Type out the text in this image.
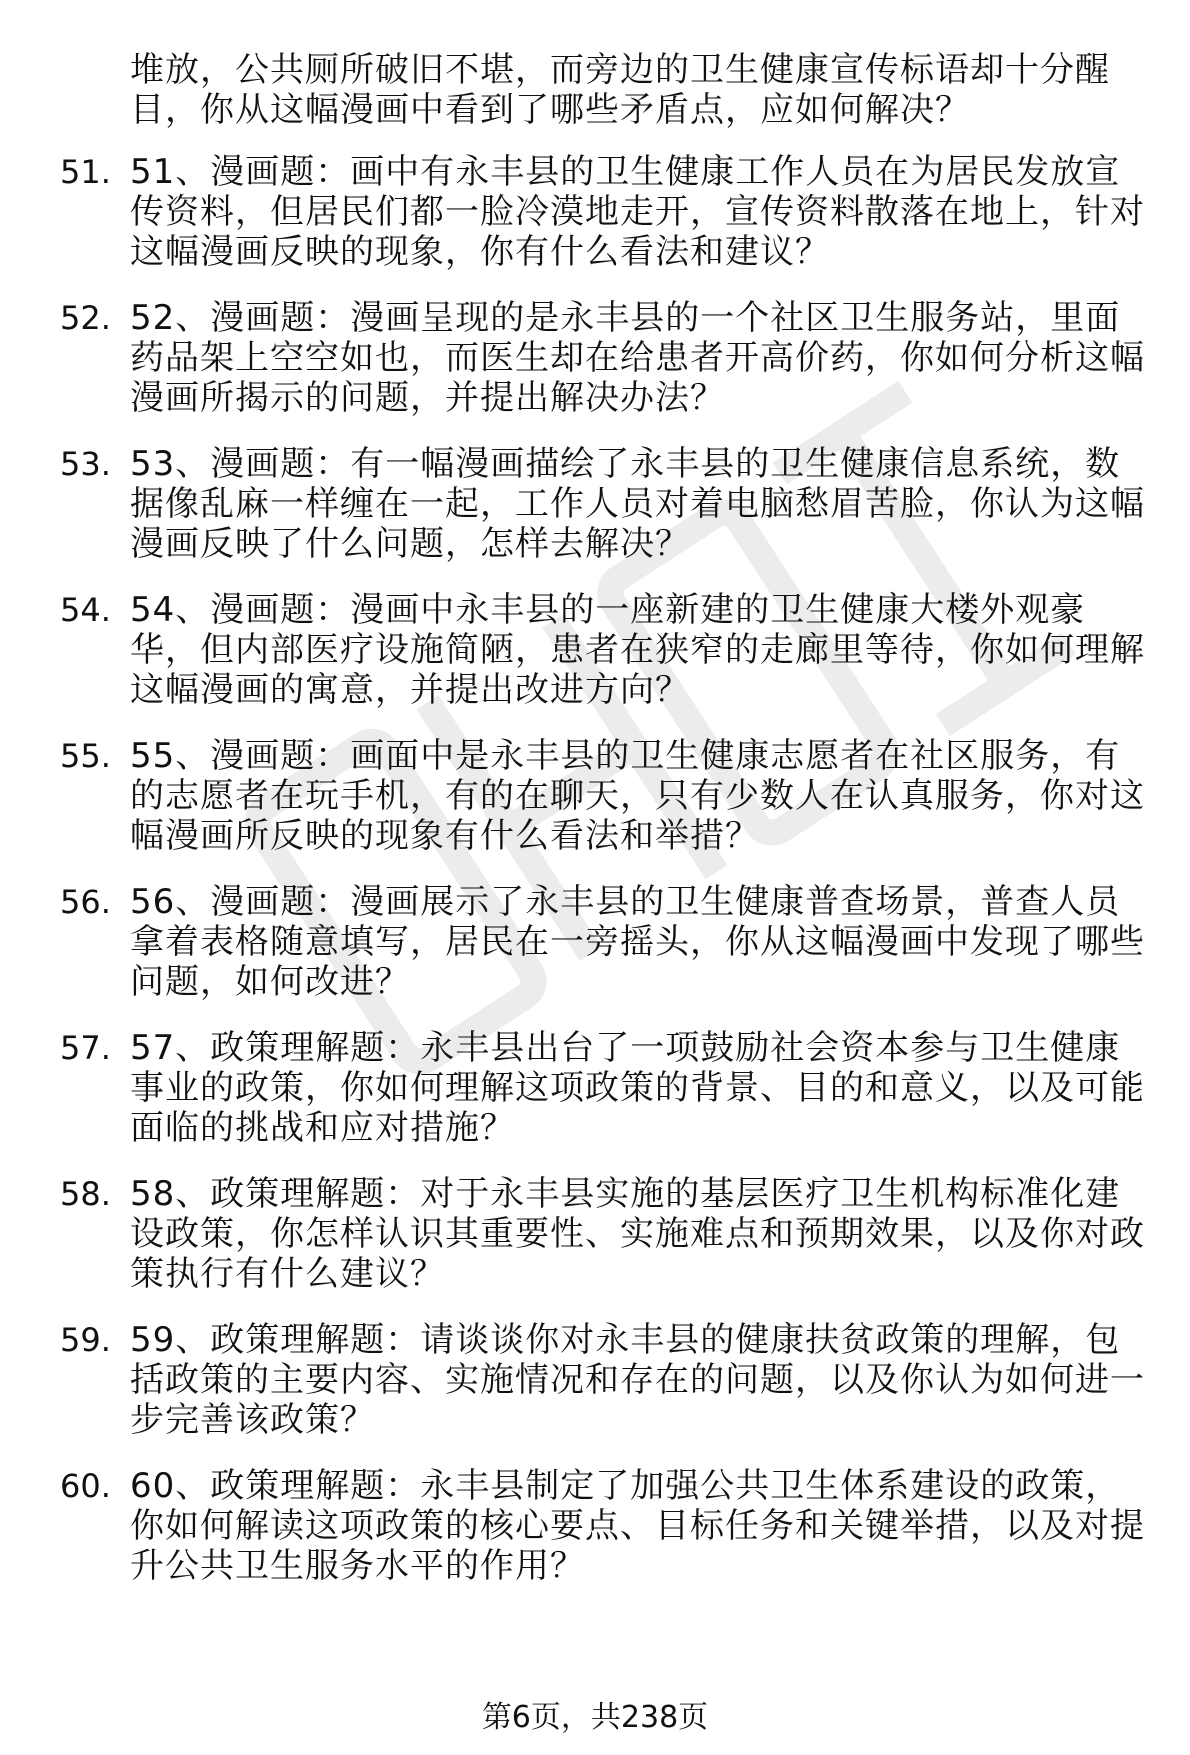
堆放，公共厕所破旧不堪，而旁边的卫生健康宣传标语却十分醒目，你从这幅漫画中看到了哪些矛盾点，应如何解决？
51. 51、漫画题：画中有永丰县的卫生健康工作人员在为居民发放宣传资料，但居民们都一脸冷漠地走开，宣传资料散落在地上，针对这幅漫画反映的现象，你有什么看法和建议？
52. 52、漫画题：漫画呈现的是永丰县的一个社区卫生服务站，里面药品架上空空如也，而医生却在给患者开高价药，你如何分析这幅漫画所揭示的问题，并提出解决办法？
53. 53、漫画题：有一幅漫画描绘了永丰县的卫生健康信息系统，数据像乱麻一样缠在一起，工作人员对着电脑愁眉苦脸，你认为这幅漫画反映了什么问题，怎样去解决？
54. 54、漫画题：漫画中永丰县的一座新建的卫生健康大楼外观豪华，但内部医疗设施简陋，患者在狭窄的走廊里等待，你如何理解这幅漫画的寓意，并提出改进方向？
55. 55、漫画题：画面中是永丰县的卫生健康志愿者在社区服务，有的志愿者在玩手机，有的在聊天，只有少数人在认真服务，你对这幅漫画所反映的现象有什么看法和举措？
56. 56、漫画题：漫画展示了永丰县的卫生健康普查场景，普查人员拿着表格随意填写，居民在一旁摇头，你从这幅漫画中发现了哪些问题，如何改进？
57. 57、政策理解题：永丰县出台了一项鼓励社会资本参与卫生健康事业的政策，你如何理解这项政策的背景、目的和意义，以及可能面临的挑战和应对措施？
58. 58、政策理解题：对于永丰县实施的基层医疗卫生机构标准化建设政策，你怎样认识其重要性、实施难点和预期效果，以及你对政策执行有什么建议？
59. 59、政策理解题：请谈谈你对永丰县的健康扶贫政策的理解，包括政策的主要内容、实施情况和存在的问题，以及你认为如何进一步完善该政策？
60. 60、政策理解题：永丰县制定了加强公共卫生体系建设的政策，你如何解读这项政策的核心要点、目标任务和关键举措，以及对提升公共卫生服务水平的作用？
第6页，共238页
